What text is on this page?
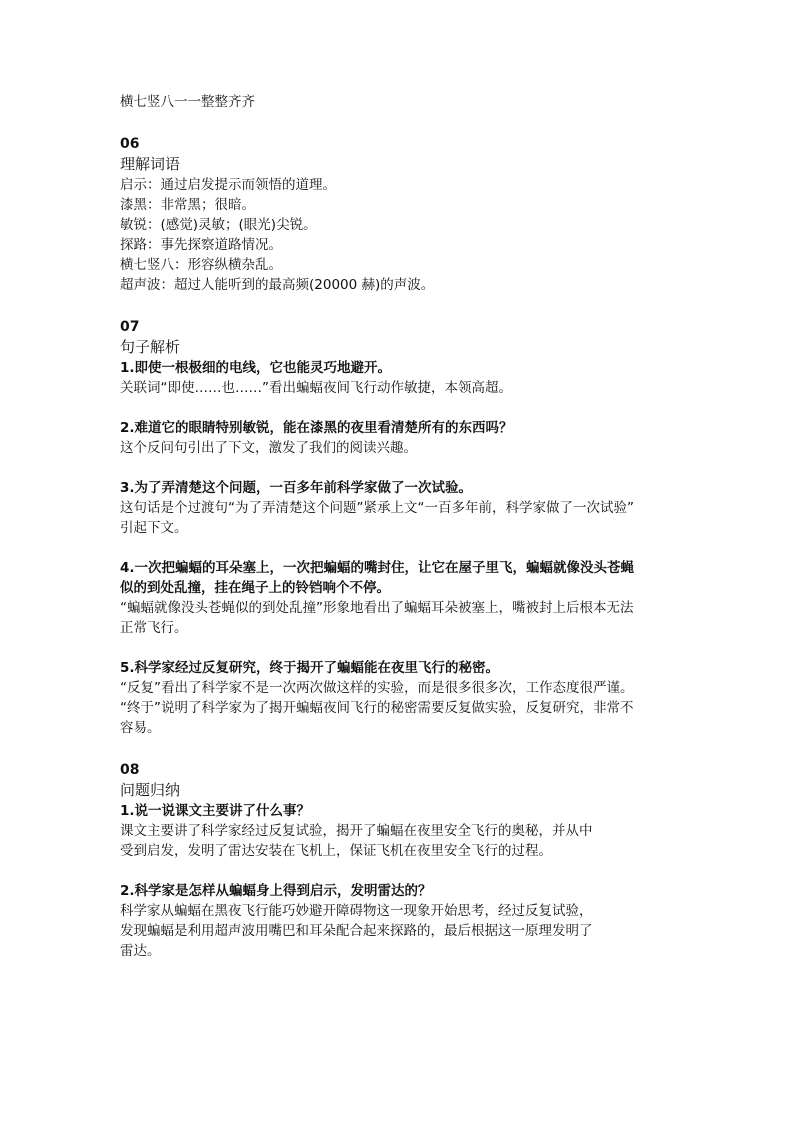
横七竖八一一整整齐齐

06

理解词语

启示：通过启发提示而领悟的道理。

漆黑：非常黑；很暗。

敏锐：(感觉)灵敏；(眼光)尖锐。

探路：事先探察道路情况。

横七竖八：形容纵横杂乱。

超声波：超过人能听到的最高频(20000 赫)的声波。

07

句子解析

1.即使一根极细的电线，它也能灵巧地避开。

关联词“即使……也……”看出蝙蝠夜间飞行动作敏捷，本领高超。

2.难道它的眼睛特别敏锐，能在漆黑的夜里看清楚所有的东西吗？

这个反问句引出了下文，激发了我们的阅读兴趣。

3.为了弄清楚这个问题，一百多年前科学家做了一次试验。

这句话是个过渡句“为了弄清楚这个问题”紧承上文“一百多年前，科学家做了一次试验”

引起下文。

4.一次把蝙蝠的耳朵塞上，一次把蝙蝠的嘴封住，让它在屋子里飞，蝙蝠就像没头苍蝇

似的到处乱撞，挂在绳子上的铃铛响个不停。

“蝙蝠就像没头苍蝇似的到处乱撞”形象地看出了蝙蝠耳朵被塞上，嘴被封上后根本无法

正常飞行。

5.科学家经过反复研究，终于揭开了蝙蝠能在夜里飞行的秘密。

“反复”看出了科学家不是一次两次做这样的实验，而是很多很多次，工作态度很严谨。

“终于”说明了科学家为了揭开蝙蝠夜间飞行的秘密需要反复做实验，反复研究，非常不

容易。

08

问题归纳

1.说一说课文主要讲了什么事？

课文主要讲了科学家经过反复试验，揭开了蝙蝠在夜里安全飞行的奥秘，并从中

受到启发，发明了雷达安装在飞机上，保证飞机在夜里安全飞行的过程。

2.科学家是怎样从蝙蝠身上得到启示，发明雷达的？

科学家从蝙蝠在黑夜飞行能巧妙避开障碍物这一现象开始思考，经过反复试验，

发现蝙蝠是利用超声波用嘴巴和耳朵配合起来探路的，最后根据这一原理发明了

雷达。
